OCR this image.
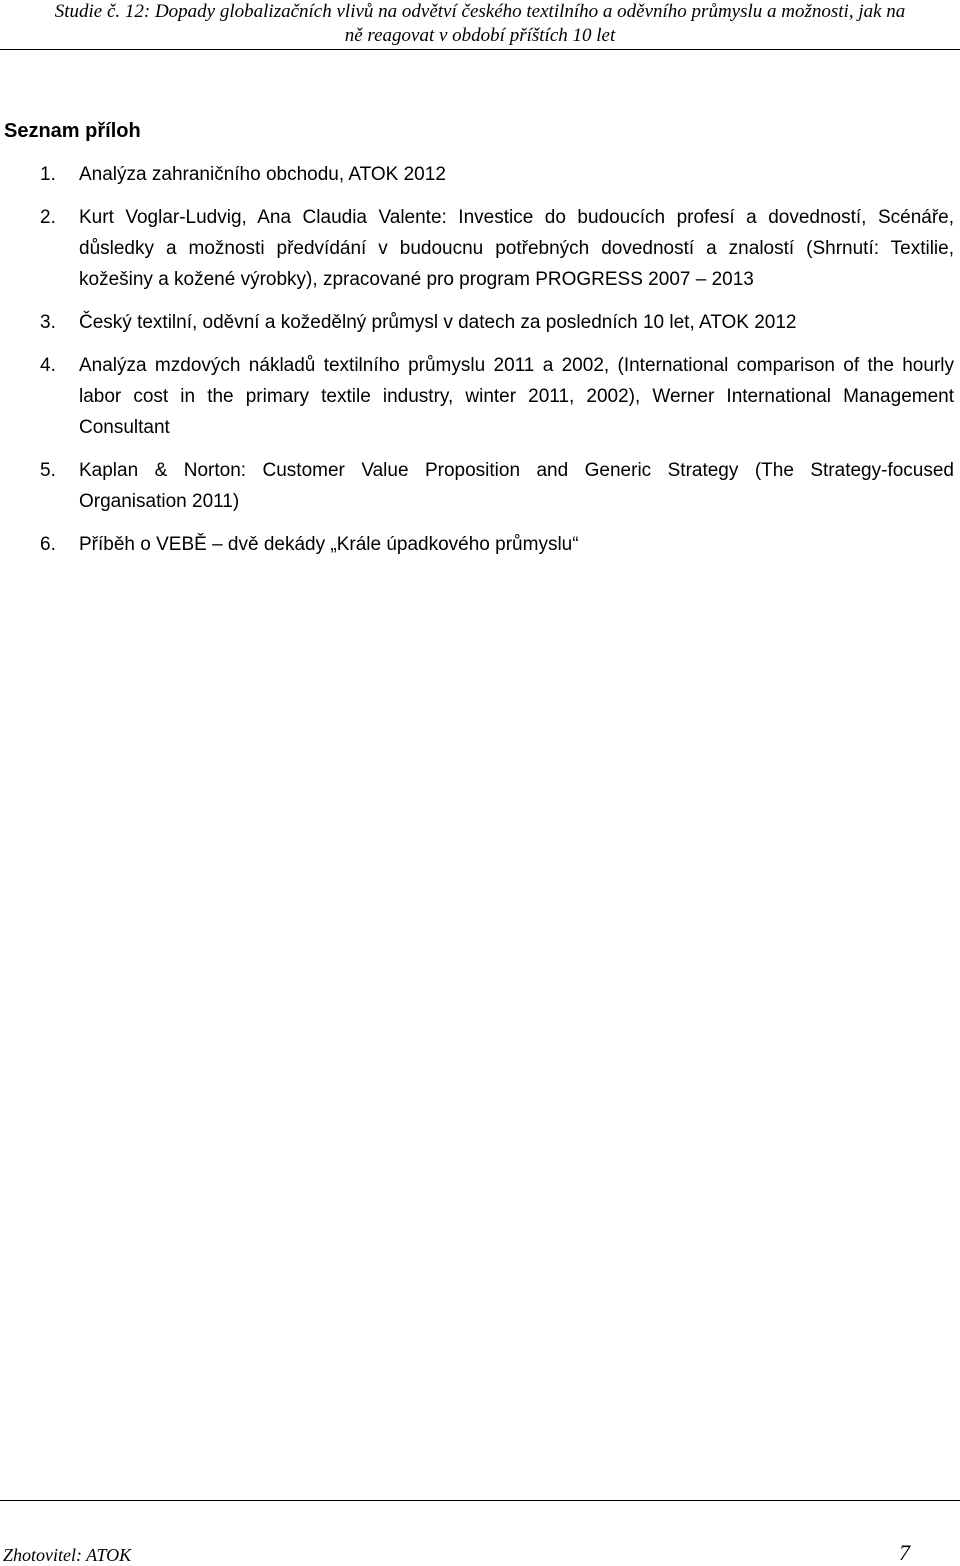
Studie č. 12: Dopady globalizačních vlivů na odvětví českého textilního a oděvního průmyslu a možnosti, jak na
ně reagovat v období příštích 10 let
Seznam příloh
1. Analýza zahraničního obchodu, ATOK 2012
2. Kurt Voglar-Ludvig, Ana Claudia Valente: Investice do budoucích profesí a dovedností, Scénáře, důsledky a možnosti předvídání v budoucnu potřebných dovedností a znalostí (Shrnutí: Textilie, kožešiny a kožené výrobky), zpracované pro program PROGRESS 2007 – 2013
3. Český textilní, oděvní a kožedělný průmysl v datech za posledních 10 let, ATOK 2012
4. Analýza mzdových nákladů textilního průmyslu 2011 a 2002, (International comparison of the hourly labor cost in the primary textile industry, winter 2011, 2002), Werner International Management Consultant
5. Kaplan & Norton: Customer Value Proposition and Generic Strategy (The Strategy-focused Organisation 2011)
6. Příběh o VEBĚ – dvě dekády „Krále úpadkového průmyslu“
Zhotovitel: ATOK	7
